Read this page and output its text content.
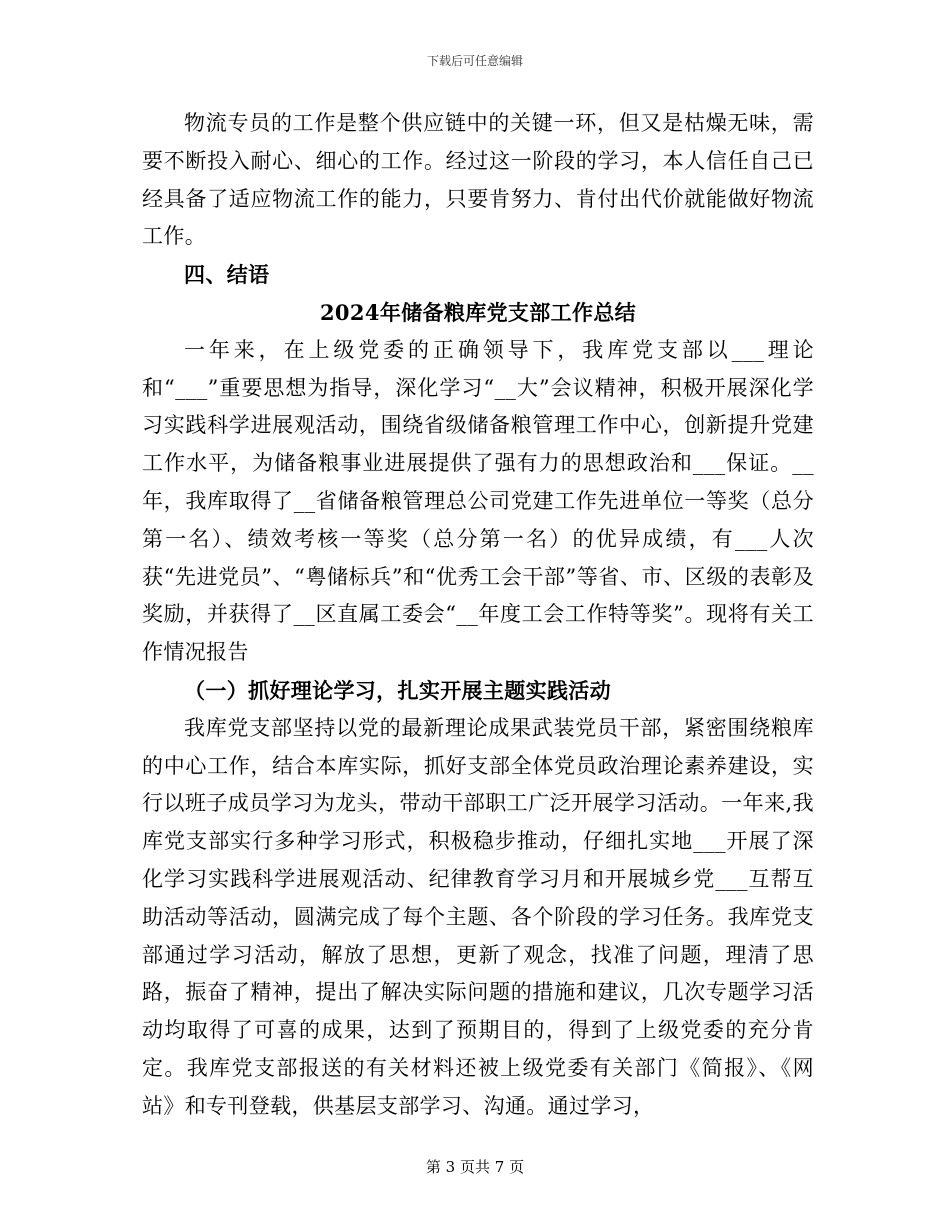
下载后可任意编辑

物流专员的工作是整个供应链中的关键一环，但又是枯燥无味，需要不断投入耐心、细心的工作。经过这一阶段的学习，本人信任自己已经具备了适应物流工作的能力，只要肯努力、肯付出代价就能做好物流工作。

四、结语
2024年储备粮库党支部工作总结

一年来，在上级党委的正确领导下，我库党支部以___理论和“___”重要思想为指导，深化学习“__大”会议精神，积极开展深化学习实践科学进展观活动，围绕省级储备粮管理工作中心，创新提升党建工作水平，为储备粮事业进展提供了强有力的思想政治和___保证。__年，我库取得了__省储备粮管理总公司党建工作先进单位一等奖（总分第一名）、绩效考核一等奖（总分第一名）的优异成绩，有___人次获“先进党员”、“粤储标兵”和“优秀工会干部”等省、市、区级的表彰及奖励，并获得了__区直属工委会“__年度工会工作特等奖”。现将有关工作情况报告

（一）抓好理论学习，扎实开展主题实践活动

我库党支部坚持以党的最新理论成果武装党员干部，紧密围绕粮库的中心工作，结合本库实际，抓好支部全体党员政治理论素养建设，实行以班子成员学习为龙头，带动干部职工广泛开展学习活动。一年来,我库党支部实行多种学习形式，积极稳步推动，仔细扎实地___开展了深化学习实践科学进展观活动、纪律教育学习月和开展城乡党___互帮互助活动等活动，圆满完成了每个主题、各个阶段的学习任务。我库党支部通过学习活动，解放了思想，更新了观念，找准了问题，理清了思路，振奋了精神，提出了解决实际问题的措施和建议，几次专题学习活动均取得了可喜的成果，达到了预期目的，得到了上级党委的充分肯定。我库党支部报送的有关材料还被上级党委有关部门《简报》、《网站》和专刊登载，供基层支部学习、沟通。通过学习，

第 3 页共 7 页
